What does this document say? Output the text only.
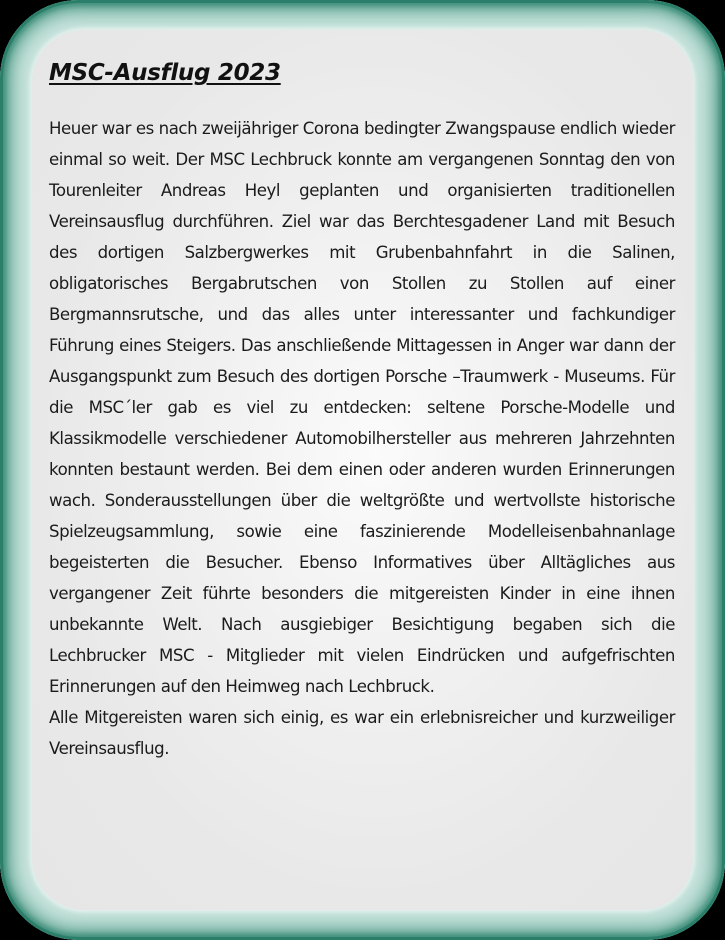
MSC-Ausflug 2023

Heuer war es nach zweijähriger Corona bedingter Zwangspause endlich wieder einmal so weit. Der MSC Lechbruck konnte am vergangenen Sonntag den von Tourenleiter Andreas Heyl geplanten und organisierten traditionellen Vereinsausflug durchführen. Ziel war das Berchtesgadener Land mit Besuch des dortigen Salzbergwerkes mit Grubenbahnfahrt in die Salinen, obligatorisches Bergabrutschen von Stollen zu Stollen auf einer Bergmannsrutsche, und das alles unter interessanter und fachkundiger Führung eines Steigers. Das anschließende Mittagessen in Anger war dann der Ausgangspunkt zum Besuch des dortigen Porsche –Traumwerk - Museums. Für die MSC´ler gab es viel zu entdecken: seltene Porsche-Modelle und Klassikmodelle verschiedener Automobilhersteller aus mehreren Jahrzehnten konnten bestaunt werden. Bei dem einen oder anderen wurden Erinnerungen wach. Sonderausstellungen über die weltgrößte und wertvollste historische Spielzeugsammlung, sowie eine faszinierende Modelleisenbahnanlage begeisterten die Besucher. Ebenso Informatives über Alltägliches aus vergangener Zeit führte besonders die mitgereisten Kinder in eine ihnen unbekannte Welt. Nach ausgiebiger Besichtigung begaben sich die Lechbrucker MSC - Mitglieder mit vielen Eindrücken und aufgefrischten Erinnerungen auf den Heimweg nach Lechbruck.

Alle Mitgereisten waren sich einig, es war ein erlebnisreicher und kurzweiliger Vereinsausflug.
